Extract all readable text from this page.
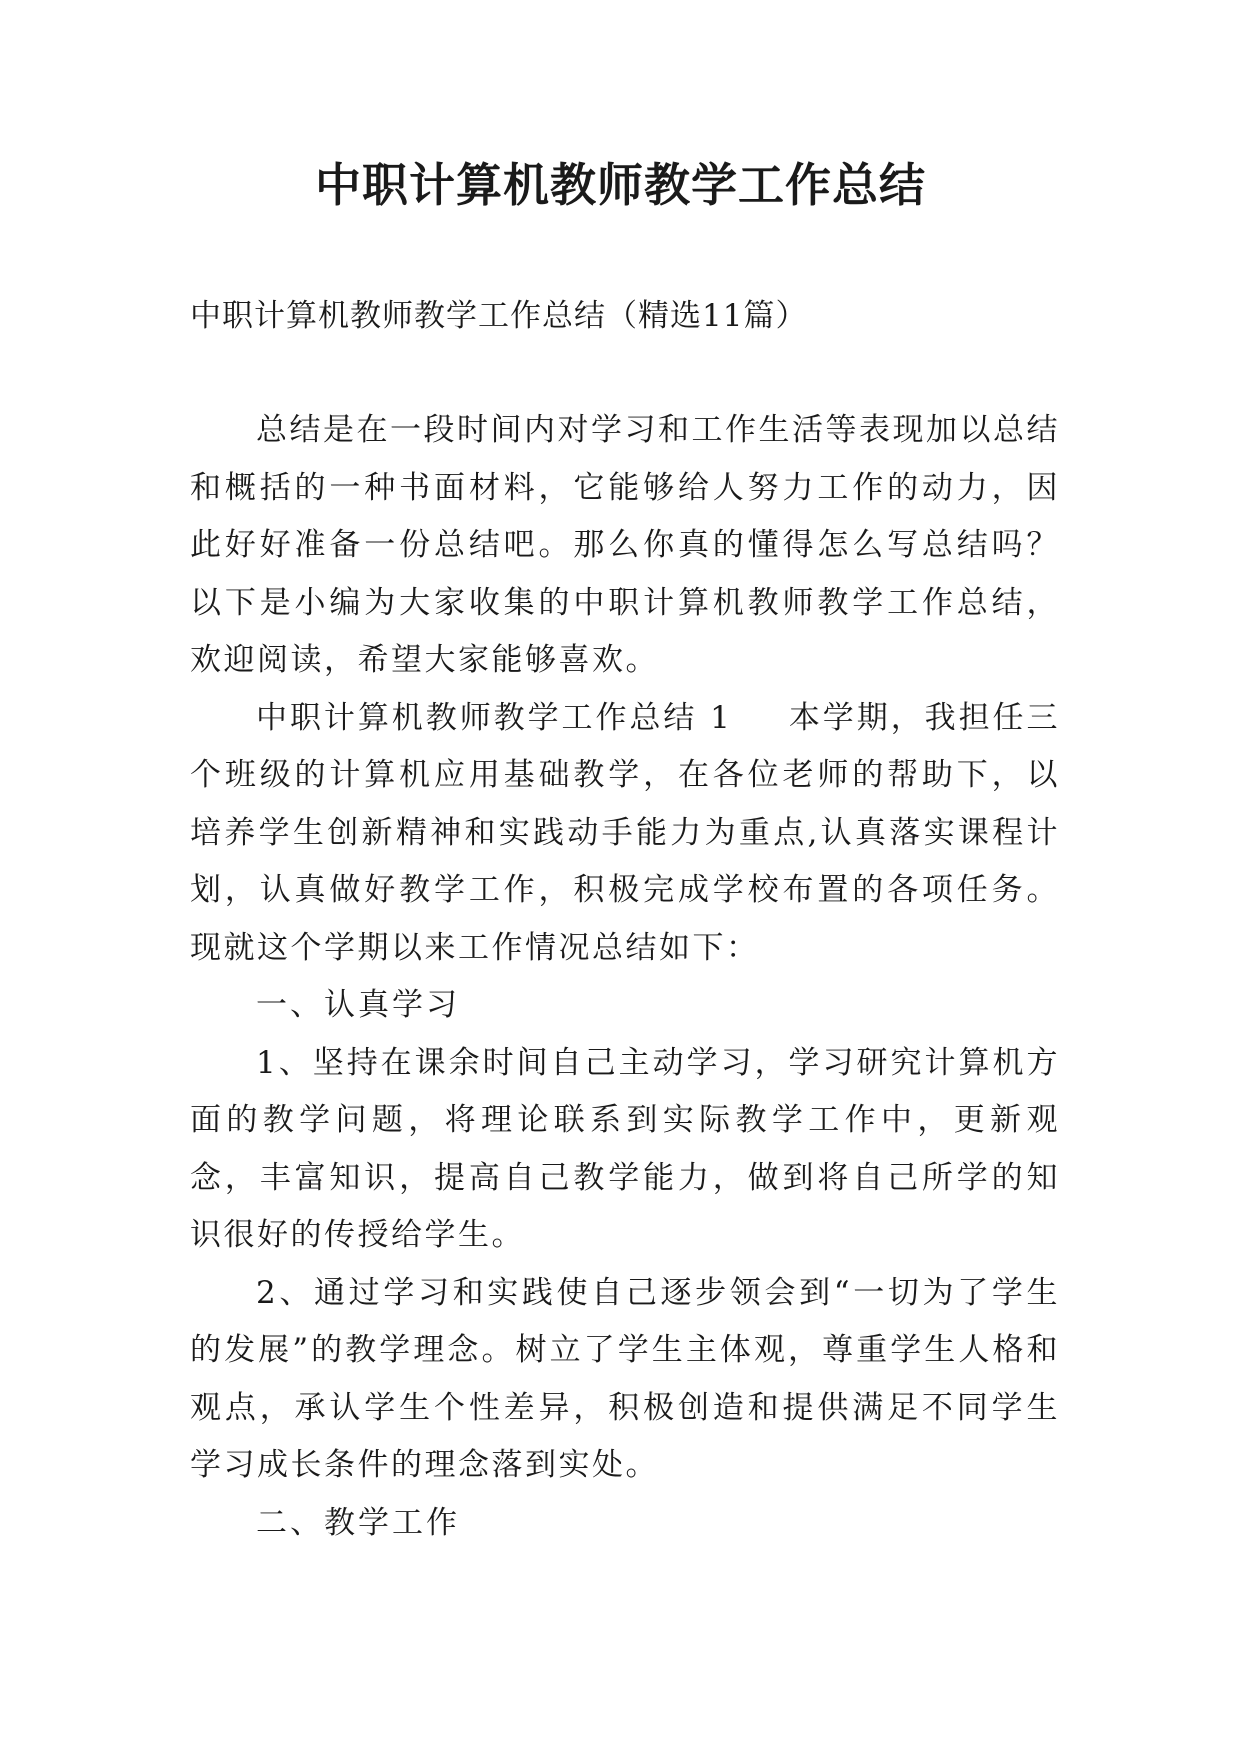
中职计算机教师教学工作总结

中职计算机教师教学工作总结（精选11篇）

总结是在一段时间内对学习和工作生活等表现加以总结和概括的一种书面材料，它能够给人努力工作的动力，因此好好准备一份总结吧。那么你真的懂得怎么写总结吗？以下是小编为大家收集的中职计算机教师教学工作总结，欢迎阅读，希望大家能够喜欢。

中职计算机教师教学工作总结 1 本学期，我担任三个班级的计算机应用基础教学，在各位老师的帮助下，以培养学生创新精神和实践动手能力为重点,认真落实课程计划，认真做好教学工作，积极完成学校布置的各项任务。现就这个学期以来工作情况总结如下：

一、认真学习

1、坚持在课余时间自己主动学习，学习研究计算机方面的教学问题，将理论联系到实际教学工作中，更新观念，丰富知识，提高自己教学能力，做到将自己所学的知识很好的传授给学生。

2、通过学习和实践使自己逐步领会到“一切为了学生的发展”的教学理念。树立了学生主体观，尊重学生人格和观点，承认学生个性差异，积极创造和提供满足不同学生学习成长条件的理念落到实处。

二、教学工作
